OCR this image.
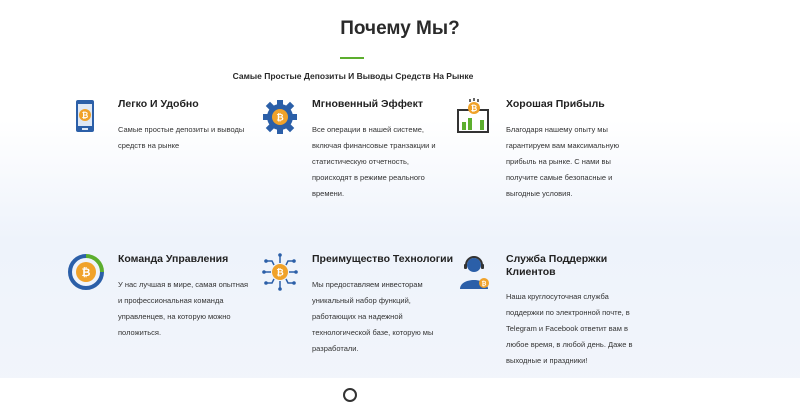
Почему Мы?
Самые Простые Депозиты И Выводы Средств На Рынке
₿
Легко И Удобно
Самые простые депозиты и выводы
средств на рынке
₿
Мгновенный Эффект
Все операции в нашей системе,
включая финансовые транзакции и
статистическую отчетность,
происходят в режиме реального
времени.
₿	Хорошая Прибыль
Благодаря нашему опыту мы
гарантируем вам максимальную
прибыль на рынке. С нами вы
получите самые безопасные и
выгодные условия.
₿
Команда Управления
У нас лучшая в мире, самая опытная
и профессиональная команда
управленцев, на которую можно
положиться.
₿
Преимущество Технологии
Мы предоставляем инвесторам
уникальный набор функций,
работающих на надежной
технологической базе, которую мы
разработали.
₿
Служба Поддержки
Клиентов
Наша круглосуточная служба
поддержки по электронной почте, в
Telegram и Facebook ответит вам в
любое время, в любой день. Даже в
выходные и праздники!
